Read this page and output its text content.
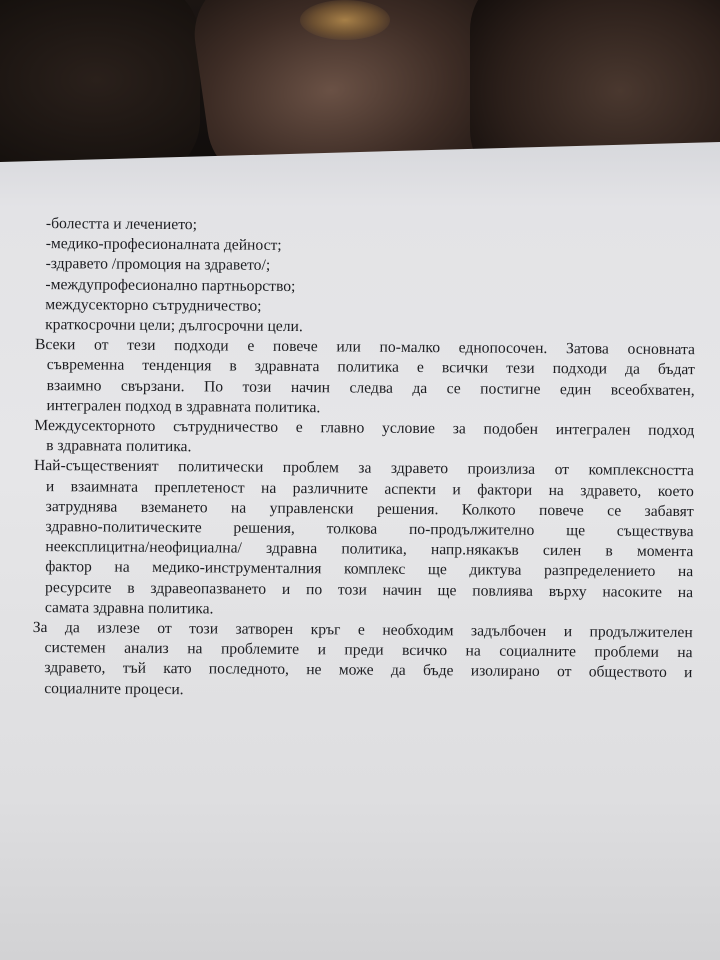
-болестта и лечението;

-медико-професионалната дейност;

-здравето /промоция на здравето/;

-междупрофесионално партньорство;

междусекторно сътрудничество;

краткосрочни цели; дългосрочни цели.

Всеки от тези подходи е повече или по-малко еднопосочен. Затова основната

съвременна тенденция в здравната политика е всички тези подходи да бъдат

взаимно свързани. По този начин следва да се постигне един всеобхватен,

интегрален подход в здравната политика.

Междусекторното сътрудничество е главно условие за подобен интегрален подход

в здравната политика.

Най-същественият политически проблем за здравето произлиза от комплексността

и взаимната преплетеност на различните аспекти и фактори на здравето, което

затруднява вземането на управленски решения. Колкото повече се забавят

здравно-политическите решения, толкова по-продължително ще съществува

неексплицитна/неофициална/ здравна политика, напр.някакъв силен в момента

фактор на медико-инструменталния комплекс ще диктува разпределението на

ресурсите в здравеопазването и по този начин ще повлиява върху насоките на

самата здравна политика.

За да излезе от този затворен кръг е необходим задълбочен и продължителен

системен анализ на проблемите и преди всичко на социалните проблеми на

здравето, тъй като последното, не може да бъде изолирано от обществото и

социалните процеси.
